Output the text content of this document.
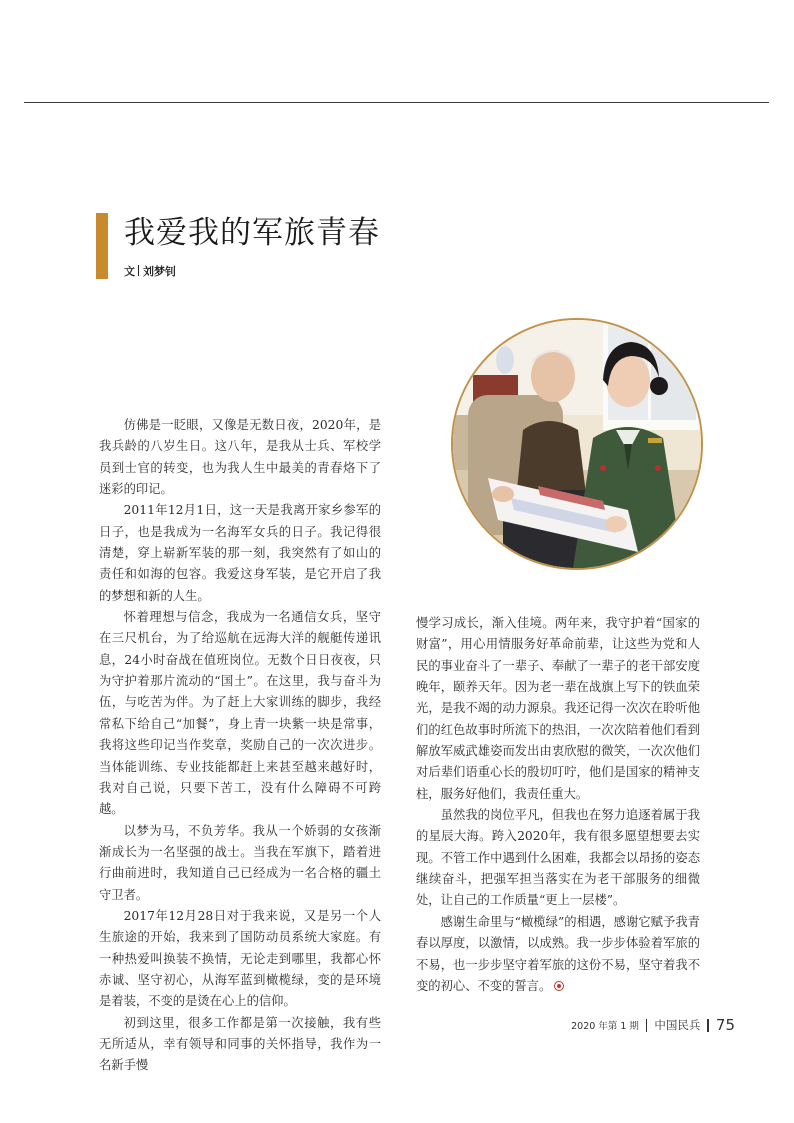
我爱我的军旅青春
文 刘梦钊

仿佛是一眨眼，又像是无数日夜，2020年，是我兵龄的八岁生日。这八年，是我从士兵、军校学员到士官的转变，也为我人生中最美的青春烙下了迷彩的印记。

2011年12月1日，这一天是我离开家乡参军的日子，也是我成为一名海军女兵的日子。我记得很清楚，穿上崭新军装的那一刻，我突然有了如山的责任和如海的包容。我爱这身军装，是它开启了我的梦想和新的人生。

怀着理想与信念，我成为一名通信女兵，坚守在三尺机台，为了给巡航在远海大洋的舰艇传递讯息，24小时奋战在值班岗位。无数个日日夜夜，只为守护着那片流动的“国土”。在这里，我与奋斗为伍，与吃苦为伴。为了赶上大家训练的脚步，我经常私下给自己“加餐”，身上青一块紫一块是常事，我将这些印记当作奖章，奖励自己的一次次进步。当体能训练、专业技能都赶上来甚至越来越好时，我对自己说，只要下苦工，没有什么障碍不可跨越。

以梦为马，不负芳华。我从一个娇弱的女孩渐渐成长为一名坚强的战士。当我在军旗下，踏着进行曲前进时，我知道自己已经成为一名合格的疆土守卫者。

2017年12月28日对于我来说，又是另一个人生旅途的开始，我来到了国防动员系统大家庭。有一种热爱叫换装不换情，无论走到哪里，我都心怀赤诚、坚守初心，从海军蓝到橄榄绿，变的是环境是着装，不变的是烫在心上的信仰。

初到这里，很多工作都是第一次接触，我有些无所适从，幸有领导和同事的关怀指导，我作为一名新手慢

慢学习成长，渐入佳境。两年来，我守护着“国家的财富”，用心用情服务好革命前辈，让这些为党和人民的事业奋斗了一辈子、奉献了一辈子的老干部安度晚年，颐养天年。因为老一辈在战旗上写下的铁血荣光，是我不竭的动力源泉。我还记得一次次在聆听他们的红色故事时所流下的热泪，一次次陪着他们看到解放军威武雄姿而发出由衷欣慰的微笑，一次次他们对后辈们语重心长的殷切叮咛，他们是国家的精神支柱，服务好他们，我责任重大。

虽然我的岗位平凡，但我也在努力追逐着属于我的星辰大海。跨入2020年，我有很多愿望想要去实现。不管工作中遇到什么困难，我都会以昂扬的姿态继续奋斗，把强军担当落实在为老干部服务的细微处，让自己的工作质量“更上一层楼”。

感谢生命里与“橄榄绿”的相遇，感谢它赋予我青春以厚度，以激情，以成熟。我一步步体验着军旅的不易，也一步步坚守着军旅的这份不易，坚守着我不变的初心、不变的誓言。

2020 年第 1 期 中国民兵 75
